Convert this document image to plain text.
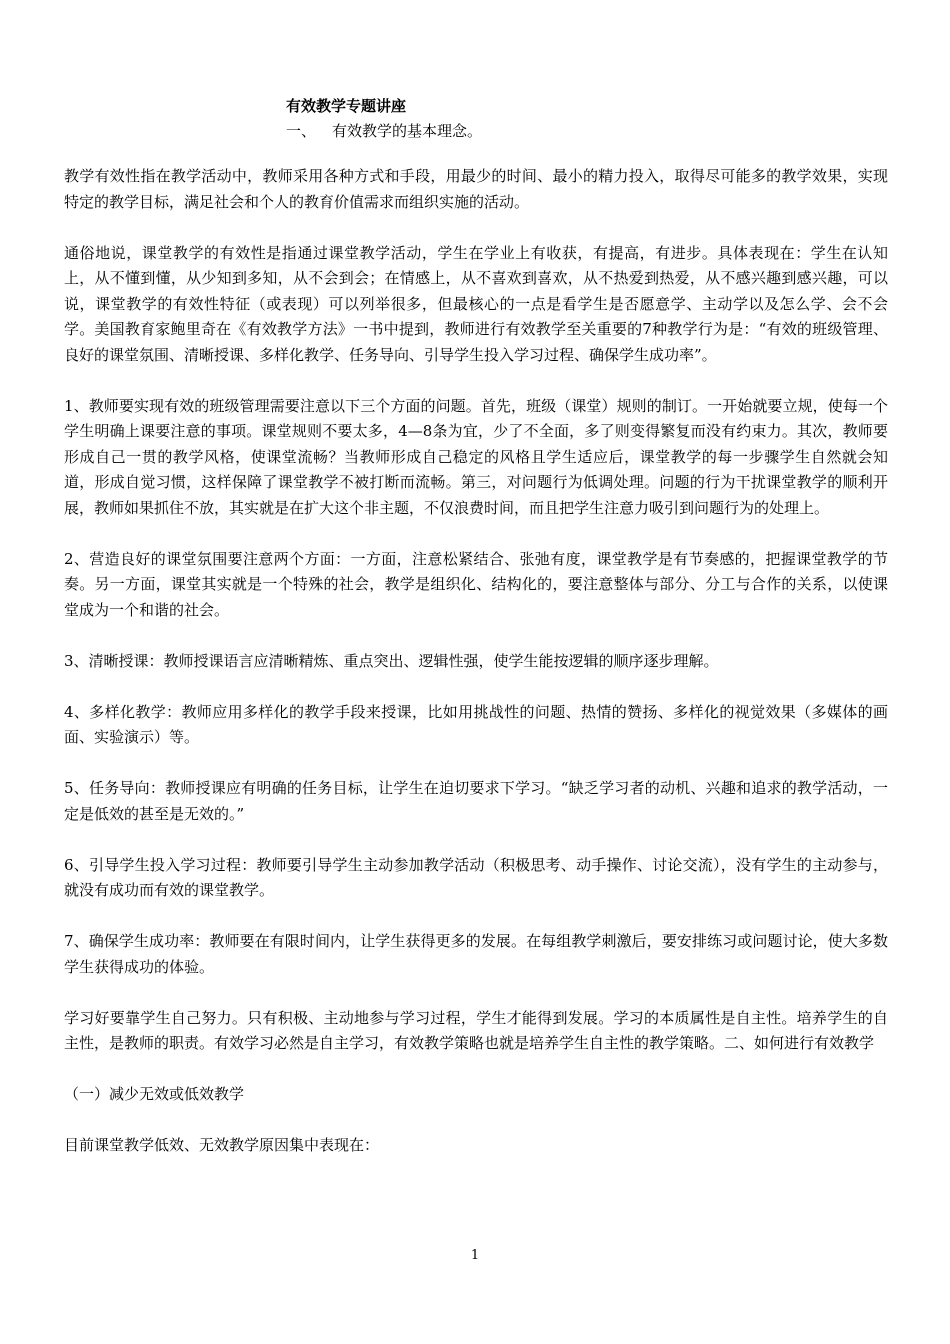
有效教学专题讲座
一、 有效教学的基本理念。

教学有效性指在教学活动中，教师采用各种方式和手段，用最少的时间、最小的精力投入，取得尽可能多的教学效果，实现特定的教学目标，满足社会和个人的教育价值需求而组织实施的活动。

通俗地说，课堂教学的有效性是指通过课堂教学活动，学生在学业上有收获，有提高，有进步。具体表现在：学生在认知上，从不懂到懂，从少知到多知，从不会到会；在情感上，从不喜欢到喜欢，从不热爱到热爱，从不感兴趣到感兴趣，可以说，课堂教学的有效性特征（或表现）可以列举很多，但最核心的一点是看学生是否愿意学、主动学以及怎么学、会不会学。美国教育家鲍里奇在《有效教学方法》一书中提到，教师进行有效教学至关重要的7种教学行为是：“有效的班级管理、良好的课堂氛围、清晰授课、多样化教学、任务导向、引导学生投入学习过程、确保学生成功率”。

1、教师要实现有效的班级管理需要注意以下三个方面的问题。首先，班级（课堂）规则的制订。一开始就要立规，使每一个学生明确上课要注意的事项。课堂规则不要太多，4—8条为宜，少了不全面，多了则变得繁复而没有约束力。其次，教师要形成自己一贯的教学风格，使课堂流畅？当教师形成自己稳定的风格且学生适应后，课堂教学的每一步骤学生自然就会知道，形成自觉习惯，这样保障了课堂教学不被打断而流畅。第三，对问题行为低调处理。问题的行为干扰课堂教学的顺利开展，教师如果抓住不放，其实就是在扩大这个非主题，不仅浪费时间，而且把学生注意力吸引到问题行为的处理上。

2、营造良好的课堂氛围要注意两个方面：一方面，注意松紧结合、张弛有度，课堂教学是有节奏感的，把握课堂教学的节奏。另一方面，课堂其实就是一个特殊的社会，教学是组织化、结构化的，要注意整体与部分、分工与合作的关系，以使课堂成为一个和谐的社会。

3、清晰授课：教师授课语言应清晰精炼、重点突出、逻辑性强，使学生能按逻辑的顺序逐步理解。

4、多样化教学：教师应用多样化的教学手段来授课，比如用挑战性的问题、热情的赞扬、多样化的视觉效果（多媒体的画面、实验演示）等。

5、任务导向：教师授课应有明确的任务目标，让学生在迫切要求下学习。“缺乏学习者的动机、兴趣和追求的教学活动，一定是低效的甚至是无效的。”

6、引导学生投入学习过程：教师要引导学生主动参加教学活动（积极思考、动手操作、讨论交流），没有学生的主动参与，就没有成功而有效的课堂教学。

7、确保学生成功率：教师要在有限时间内，让学生获得更多的发展。在每组教学刺激后，要安排练习或问题讨论，使大多数学生获得成功的体验。

学习好要靠学生自己努力。只有积极、主动地参与学习过程，学生才能得到发展。学习的本质属性是自主性。培养学生的自主性，是教师的职责。有效学习必然是自主学习，有效教学策略也就是培养学生自主性的教学策略。二、如何进行有效教学

（一）减少无效或低效教学

目前课堂教学低效、无效教学原因集中表现在：

1
